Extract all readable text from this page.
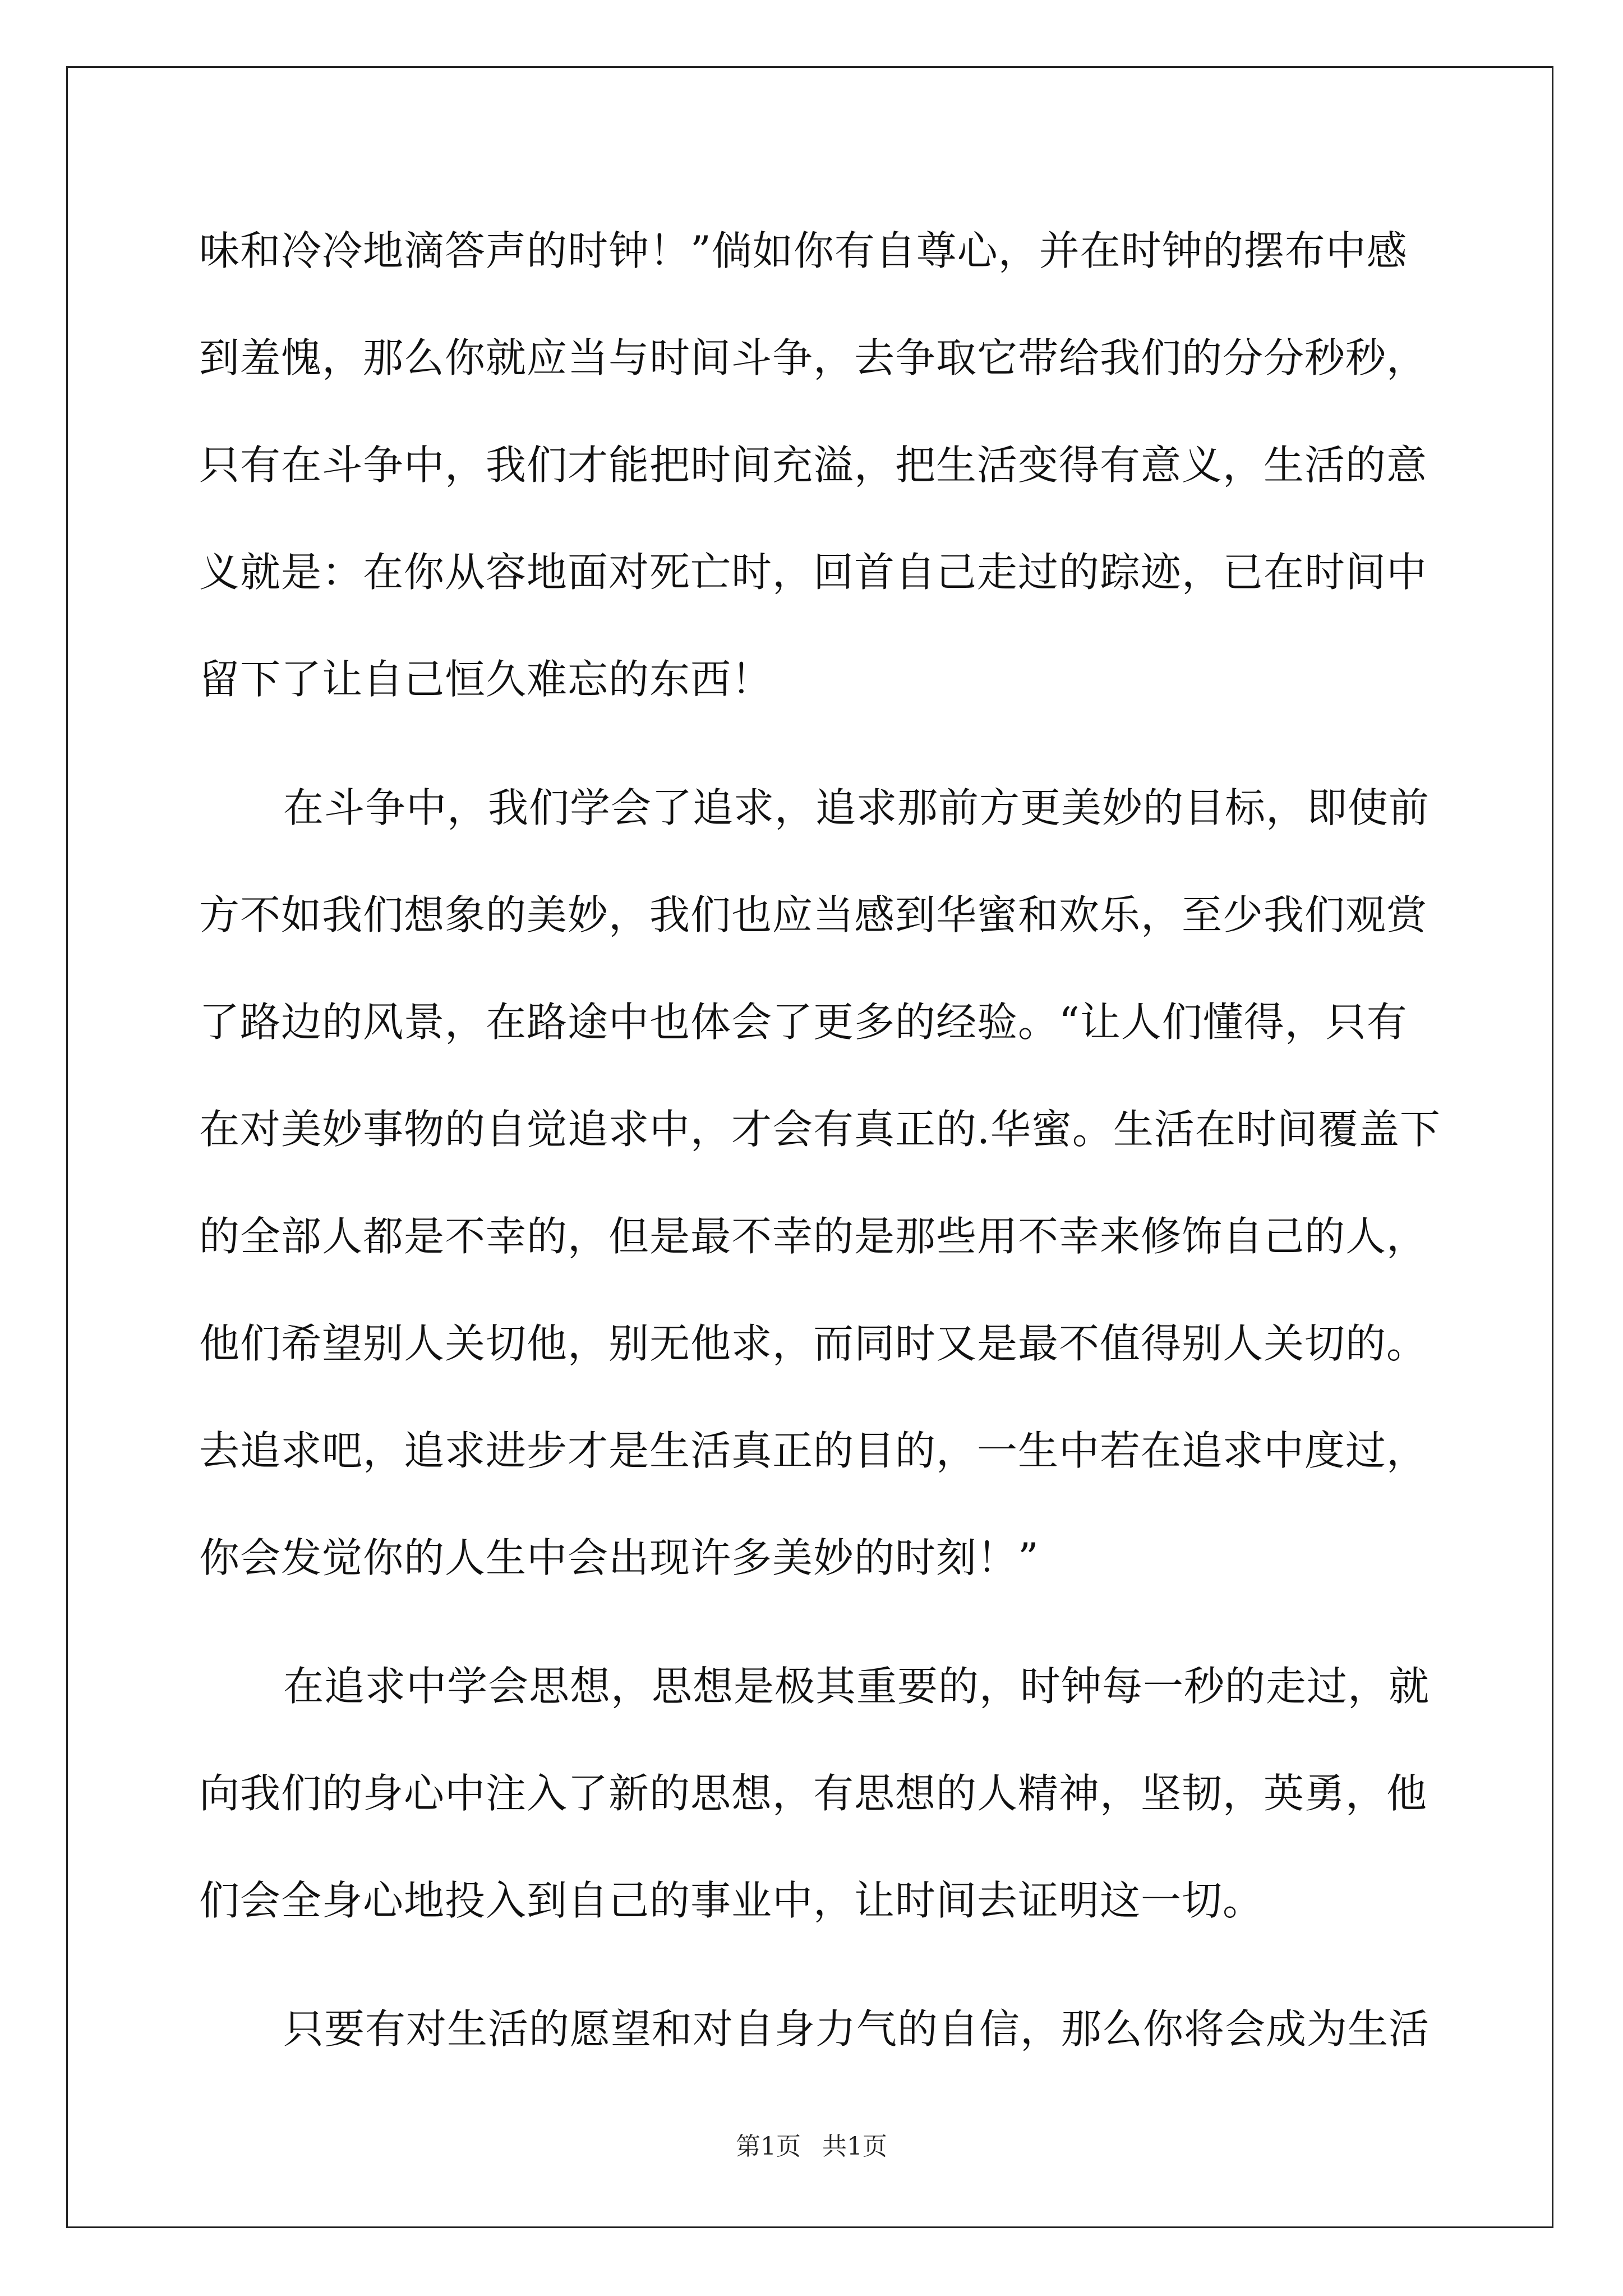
味和冷冷地滴答声的时钟！”倘如你有自尊心，并在时钟的摆布中感
到羞愧，那么你就应当与时间斗争，去争取它带给我们的分分秒秒，
只有在斗争中，我们才能把时间充溢，把生活变得有意义，生活的意
义就是：在你从容地面对死亡时，回首自己走过的踪迹，已在时间中
留下了让自己恒久难忘的东西！
在斗争中，我们学会了追求，追求那前方更美妙的目标，即使前
方不如我们想象的美妙，我们也应当感到华蜜和欢乐，至少我们观赏
了路边的风景，在路途中也体会了更多的经验。“让人们懂得，只有
在对美妙事物的自觉追求中，才会有真正的.华蜜。生活在时间覆盖下
的全部人都是不幸的，但是最不幸的是那些用不幸来修饰自己的人，
他们希望别人关切他，别无他求，而同时又是最不值得别人关切的。
去追求吧，追求进步才是生活真正的目的，一生中若在追求中度过，
你会发觉你的人生中会出现许多美妙的时刻！”
在追求中学会思想，思想是极其重要的，时钟每一秒的走过，就
向我们的身心中注入了新的思想，有思想的人精神，坚韧，英勇，他
们会全身心地投入到自己的事业中，让时间去证明这一切。
只要有对生活的愿望和对自身力气的自信，那么你将会成为生活
第1页 共1页
